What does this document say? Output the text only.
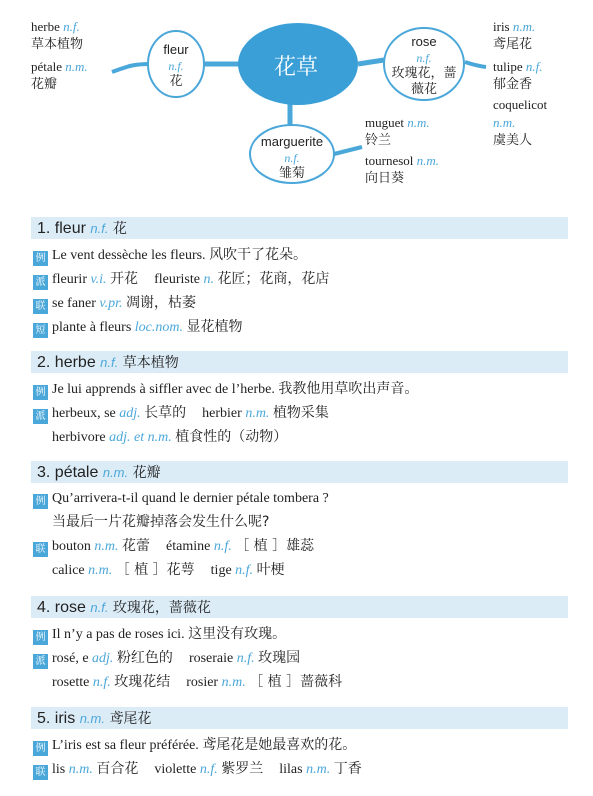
花草
fleur
n.f.
花
rose
n.f.
玫瑰花，蔷
薇花
marguerite
n.f.
雏菊
herbe n.f.
草本植物
pétale n.m.
花瓣
iris n.m.
鸢尾花
tulipe n.f.
郁金香
coquelicot
n.m.
虞美人
muguet n.m.
铃兰
tournesol n.m.
向日葵
1. fleur n.f. 花
例 Le vent dessèche les fleurs. 风吹干了花朵。
派 fleurir v.i. 开花 fleuriste n. 花匠；花商，花店
联 se faner v.pr. 凋谢，枯萎
短 plante à fleurs loc.nom. 显花植物
2. herbe n.f. 草本植物
例 Je lui apprends à siffler avec de l’herbe. 我教他用草吹出声音。
派 herbeux, se adj. 长草的 herbier n.m. 植物采集
herbivore adj. et n.m. 植食性的（动物）
3. pétale n.m. 花瓣
例 Qu’arrivera-t-il quand le dernier pétale tombera ?
当最后一片花瓣掉落会发生什么呢?
联 bouton n.m. 花蕾 étamine n.f. ［ 植 ］雄蕊
calice n.m. ［ 植 ］花萼 tige n.f. 叶梗
4. rose n.f. 玫瑰花，蔷薇花
例 Il n’y a pas de roses ici. 这里没有玫瑰。
派 rosé, e adj. 粉红色的 roseraie n.f. 玫瑰园
rosette n.f. 玫瑰花结 rosier n.m. ［ 植 ］蔷薇科
5. iris n.m. 鸢尾花
例 L’iris est sa fleur préférée. 鸢尾花是她最喜欢的花。
联 lis n.m. 百合花 violette n.f. 紫罗兰 lilas n.m. 丁香
